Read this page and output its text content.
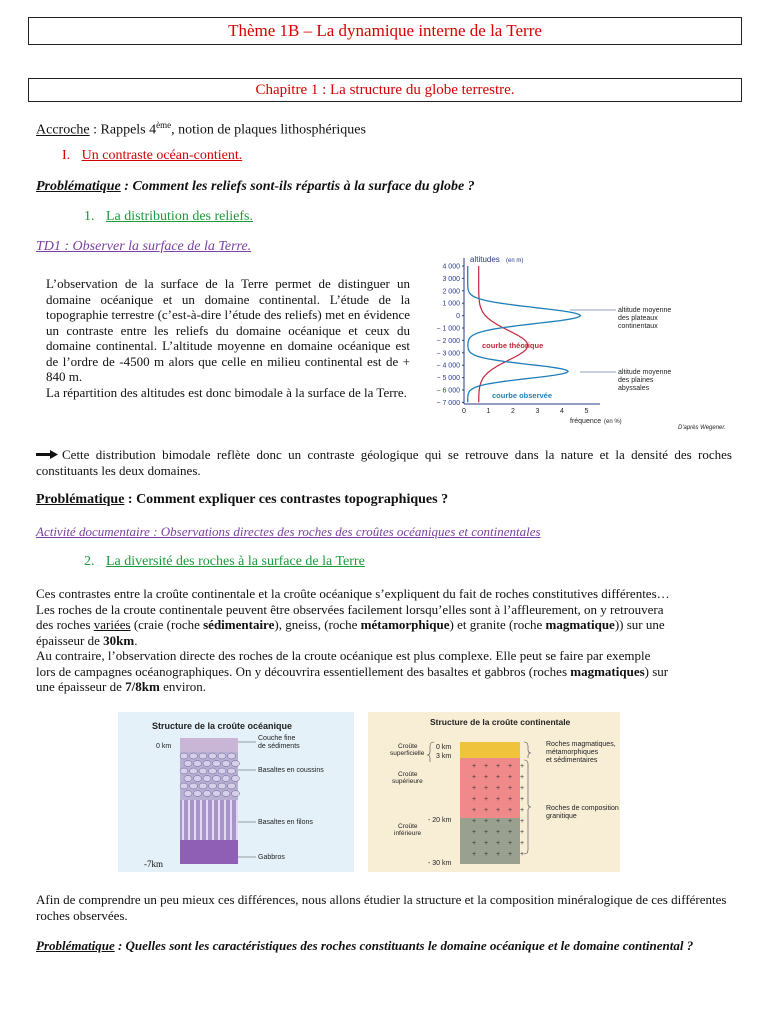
Thème 1B – La dynamique interne de la Terre
Chapitre 1 : La structure du globe terrestre.
Accroche : Rappels 4ème, notion de plaques lithosphériques
I. Un contraste océan-contient.
Problématique : Comment les reliefs sont-ils répartis à la surface du globe ?
1. La distribution des reliefs.
TD1 : Observer la surface de la Terre.
L’observation de la surface de la Terre permet de distinguer un domaine océanique et un domaine continental. L’étude de la topographie terrestre (c’est-à-dire l’étude des reliefs) met en évidence un contraste entre les reliefs du domaine océanique et ceux du domaine continental. L’altitude moyenne en domaine océanique est de l’ordre de -4500 m alors que celle en milieu continental est de + 840 m.
La répartition des altitudes est donc bimodale à la surface de la Terre.
altitudes (en m)
4 000
3 000
2 000
1 000
0
− 1 000
− 2 000
− 3 000
− 4 000
− 5 000
− 6 000
− 7 000
0	1	2	3	4	5
courbe théorique
courbe observée
altitude moyenne
des plateaux
continentaux
altitude moyenne
des plaines
abyssales
fréquence (en %)
D'après Wegener.
Cette distribution bimodale reflète donc un contraste géologique qui se retrouve dans la nature et la densité des roches constituants les deux domaines.
Problématique : Comment expliquer ces contrastes topographiques ?
Activité documentaire : Observations directes des roches des croûtes océaniques et continentales
2. La diversité des roches à la surface de la Terre
Ces contrastes entre la croûte continentale et la croûte océanique s’expliquent du fait de roches constitutives différentes…
Les roches de la croute continentale peuvent être observées facilement lorsqu’elles sont à l’affleurement, on y retrouvera
des roches variées (craie (roche sédimentaire), gneiss, (roche métamorphique) et granite (roche magmatique)) sur une
épaisseur de 30km.
Au contraire, l’observation directe des roches de la croute océanique est plus complexe. Elle peut se faire par exemple
lors de campagnes océanographiques. On y découvrira essentiellement des basaltes et gabbros (roches magmatiques) sur
une épaisseur de 7/8km environ.
Structure de la croûte océanique
0 km
Couche fine
de sédiments
Basaltes en coussins
Basaltes en filons
Gabbros
-7km
Structure de la croûte continentale
+ + + + +
+ + + + +
+ + + + +
+ + + + +
+ + + + +
+ + + + +
+ + + + +
+ + + + +
+ + + + +
Croûte
superficielle
Croûte
supérieure
Croûte
inférieure
0 km
3 km
- 20 km
- 30 km
Roches magmatiques,
métamorphiques
et sédimentaires
Roches de composition
granitique
Afin de comprendre un peu mieux ces différences, nous allons étudier la structure et la composition minéralogique de ces différentes roches observées.
Problématique : Quelles sont les caractéristiques des roches constituants le domaine océanique et le domaine continental ?
